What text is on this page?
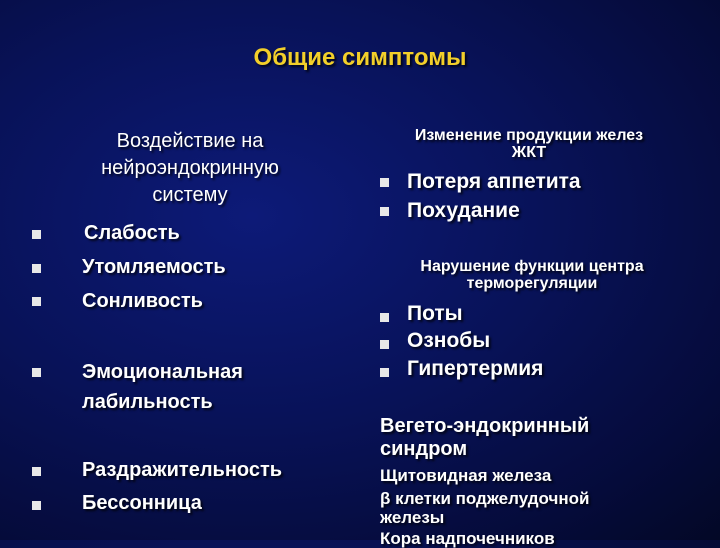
Общие симптомы
Воздействие на
нейроэндокринную
систему
Слабость
Утомляемость
Сонливость
Эмоциональная
лабильность
Раздражительность
Бессонница
Изменение продукции желез
ЖКТ
Потеря аппетита
Похудание
Нарушение функции центра
терморегуляции
Поты
Ознобы
Гипертермия
Вегето-эндокринный
синдром
Щитовидная железа
β клетки поджелудочной
железы
Кора надпочечников
